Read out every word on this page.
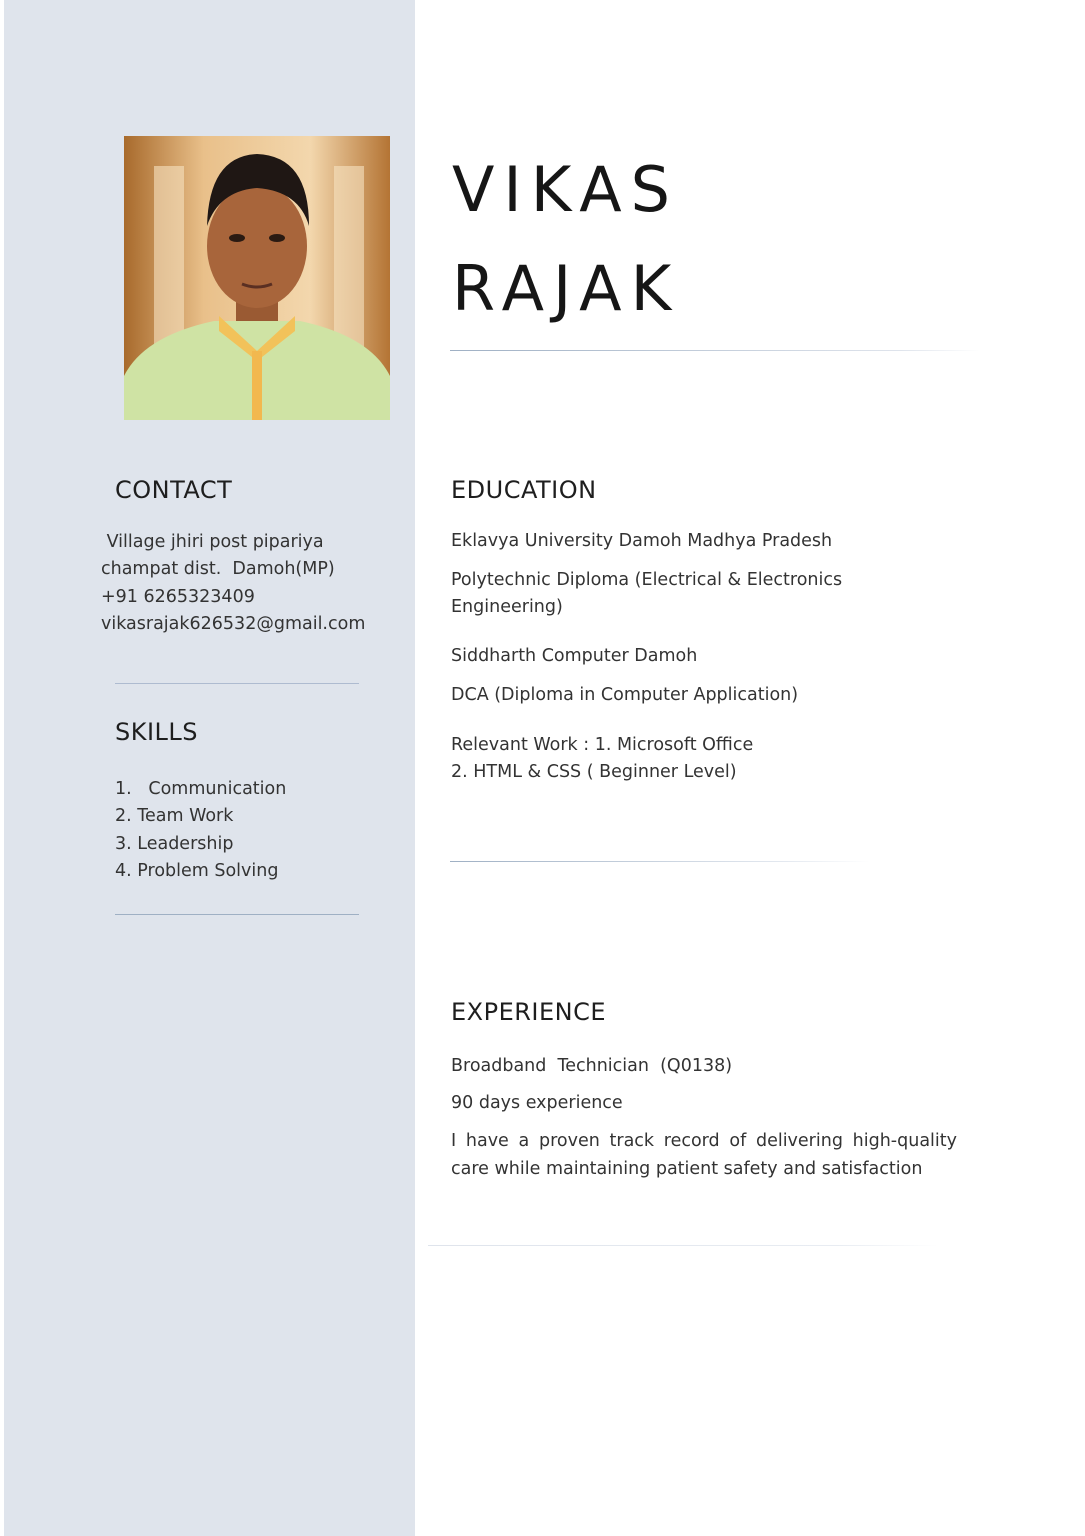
VIKAS
RAJAK
CONTACT
Village jhiri post pipariya
champat dist.  Damoh(MP)
+91 6265323409
vikasrajak626532@gmail.com
SKILLS
1.   Communication
2. Team Work
3. Leadership
4. Problem Solving
EDUCATION
Eklavya University Damoh Madhya Pradesh
Polytechnic Diploma (Electrical & Electronics
Engineering)
Siddharth Computer Damoh
DCA (Diploma in Computer Application)
Relevant Work : 1. Microsoft Office
2. HTML & CSS ( Beginner Level)
EXPERIENCE
Broadband  Technician  (Q0138)
90 days experience
I have a proven track record of delivering high-quality care while maintaining patient safety and satisfaction
